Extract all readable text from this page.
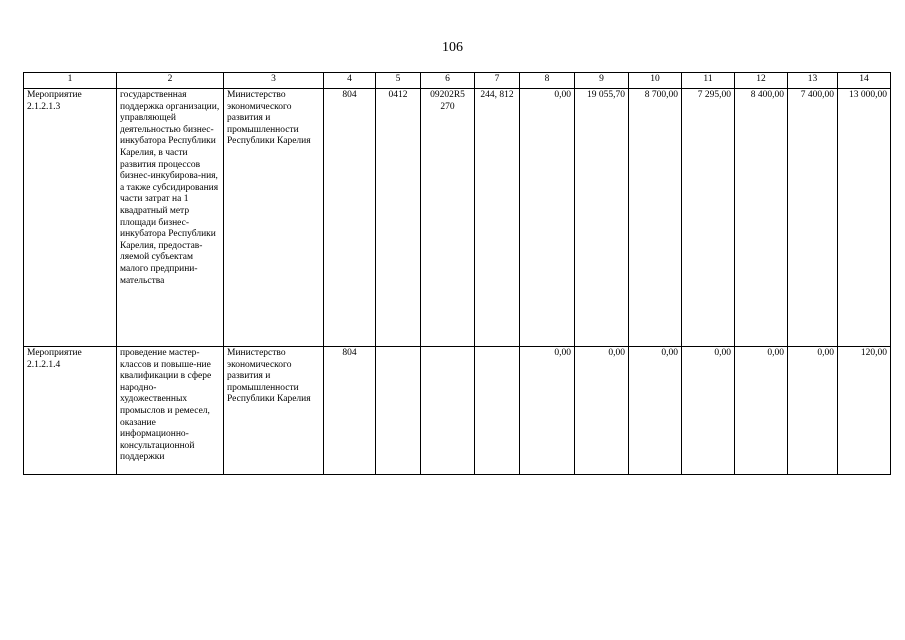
106
1	2	3	4	5	6	7	8	9	10	11	12	13	14
Мероприятие 2.1.2.1.3	государственная поддержка организации, управляющей деятельностью бизнес-инкубатора Республики Карелия, в части развития процессов бизнес-инкубирова-ния, а также субсидирования части затрат на 1 квадратный метр площади бизнес-инкубатора Республики Карелия, предостав-ляемой субъектам малого предприни-мательства	Министерство экономического развития и промышленности Республики Карелия	804	0412	09202R5 270	244, 812	0,00	19 055,70	8 700,00	7 295,00	8 400,00	7 400,00	13 000,00
Мероприятие 2.1.2.1.4	проведение мастер-классов и повыше-ние квалификации в сфере народно-художественных промыслов и ремесел, оказание информационно-консультационной поддержки	Министерство экономического развития и промышленности Республики Карелия	804				0,00	0,00	0,00	0,00	0,00	0,00	120,00
